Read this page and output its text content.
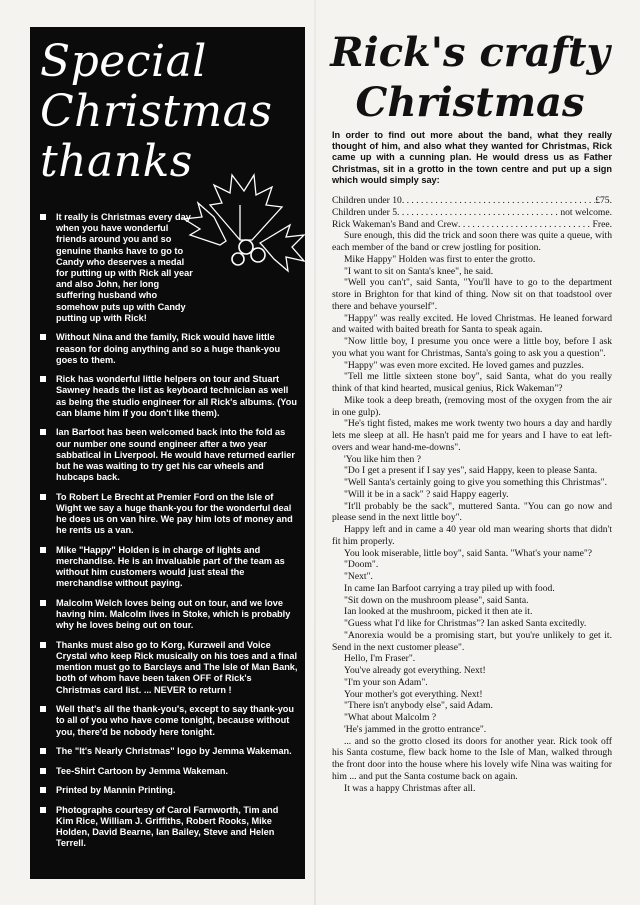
Special
Christmas
thanks
It really is Christmas every day when you have wonderful friends around you and so genuine thanks have to go to Candy who deserves a medal for putting up with Rick all year and also John, her long suffering husband who somehow puts up with Candy putting up with Rick!
Without Nina and the family, Rick would have little reason for doing anything and so a huge thank-you goes to them.
Rick has wonderful little helpers on tour and Stuart Sawney heads the list as keyboard technician as well as being the studio engineer for all Rick's albums. (You can blame him if you don't like them).
Ian Barfoot has been welcomed back into the fold as our number one sound engineer after a two year sabbatical in Liverpool. He would have returned earlier but he was waiting to try get his car wheels and hubcaps back.
To Robert Le Brecht at Premier Ford on the Isle of Wight we say a huge thank-you for the wonderful deal he does us on van hire. We pay him lots of money and he rents us a van.
Mike "Happy" Holden is in charge of lights and merchandise. He is an invaluable part of the team as without him customers would just steal the merchandise without paying.
Malcolm Welch loves being out on tour, and we love having him. Malcolm lives in Stoke, which is probably why he loves being out on tour.
Thanks must also go to Korg, Kurzweil and Voice Crystal who keep Rick musically on his toes and a final mention must go to Barclays and The Isle of Man Bank, both of whom have been taken OFF of Rick's Christmas card list. ... NEVER to return !
Well that's all the thank-you's, except to say thank-you to all of you who have come tonight, because without you, there'd be nobody here tonight.
The "It's Nearly Christmas" logo by Jemma Wakeman.
Tee-Shirt Cartoon by Jemma Wakeman.
Printed by Mannin Printing.
Photographs courtesy of Carol Farnworth, Tim and Kim Rice, William J. Griffiths, Robert Rooks, Mike Holden, David Bearne, Ian Bailey, Steve and Helen Terrell.
Rick's crafty
Christmas
In order to find out more about the band, what they really thought of him, and also what they wanted for Christmas, Rick came up with a cunning plan. He would dress us as Father Christmas, sit in a grotto in the town centre and put up a sign which would simply say:
Children under 10 . . .	£75.
Children under 5 . . .	not welcome.
Rick Wakeman's Band and Crew . . .	Free.

Sure enough, this did the trick and soon there was quite a queue, with each member of the band or crew jostling for position.

Mike Happy" Holden was first to enter the grotto.

"I want to sit on Santa's knee", he said.

"Well you can't", said Santa, "You'll have to go to the department store in Brighton for that kind of thing. Now sit on that toadstool over there and behave yourself".

"Happy" was really excited. He loved Christmas. He leaned forward and waited with baited breath for Santa to speak again.

"Now little boy, I presume you once were a little boy, before I ask you what you want for Christmas, Santa's going to ask you a question".

"Happy" was even more excited. He loved games and puzzles.

"Tell me little sixteen stone boy", said Santa, what do you really think of that kind hearted, musical genius, Rick Wakeman"?

Mike took a deep breath, (removing most of the oxygen from the air in one gulp).

"He's tight fisted, makes me work twenty two hours a day and hardly lets me sleep at all. He hasn't paid me for years and I have to eat left-overs and wear hand-me-downs".

'You like him then ?

"Do I get a present if I say yes", said Happy, keen to please Santa.

"Well Santa's certainly going to give you something this Christmas".

"Will it be in a sack" ? said Happy eagerly.

"It'll probably be the sack", muttered Santa. "You can go now and please send in the next little boy".

Happy left and in came a 40 year old man wearing shorts that didn't fit him properly.

You look miserable, little boy", said Santa. "What's your name"?

"Doom".

"Next".

In came Ian Barfoot carrying a tray piled up with food.

"Sit down on the mushroom please", said Santa.

Ian looked at the mushroom, picked it then ate it.

"Guess what I'd like for Christmas"? Ian asked Santa excitedly.

"Anorexia would be a promising start, but you're unlikely to get it. Send in the next customer please".

Hello, I'm Fraser".

You've already got everything. Next!

"I'm your son Adam".

Your mother's got everything. Next!

"There isn't anybody else", said Adam.

"What about Malcolm ?

'He's jammed in the grotto entrance".

... and so the grotto closed its doors for another year. Rick took off his Santa costume, flew back home to the Isle of Man, walked through the front door into the house where his lovely wife Nina was waiting for him ... and put the Santa costume back on again.

It was a happy Christmas after all.
